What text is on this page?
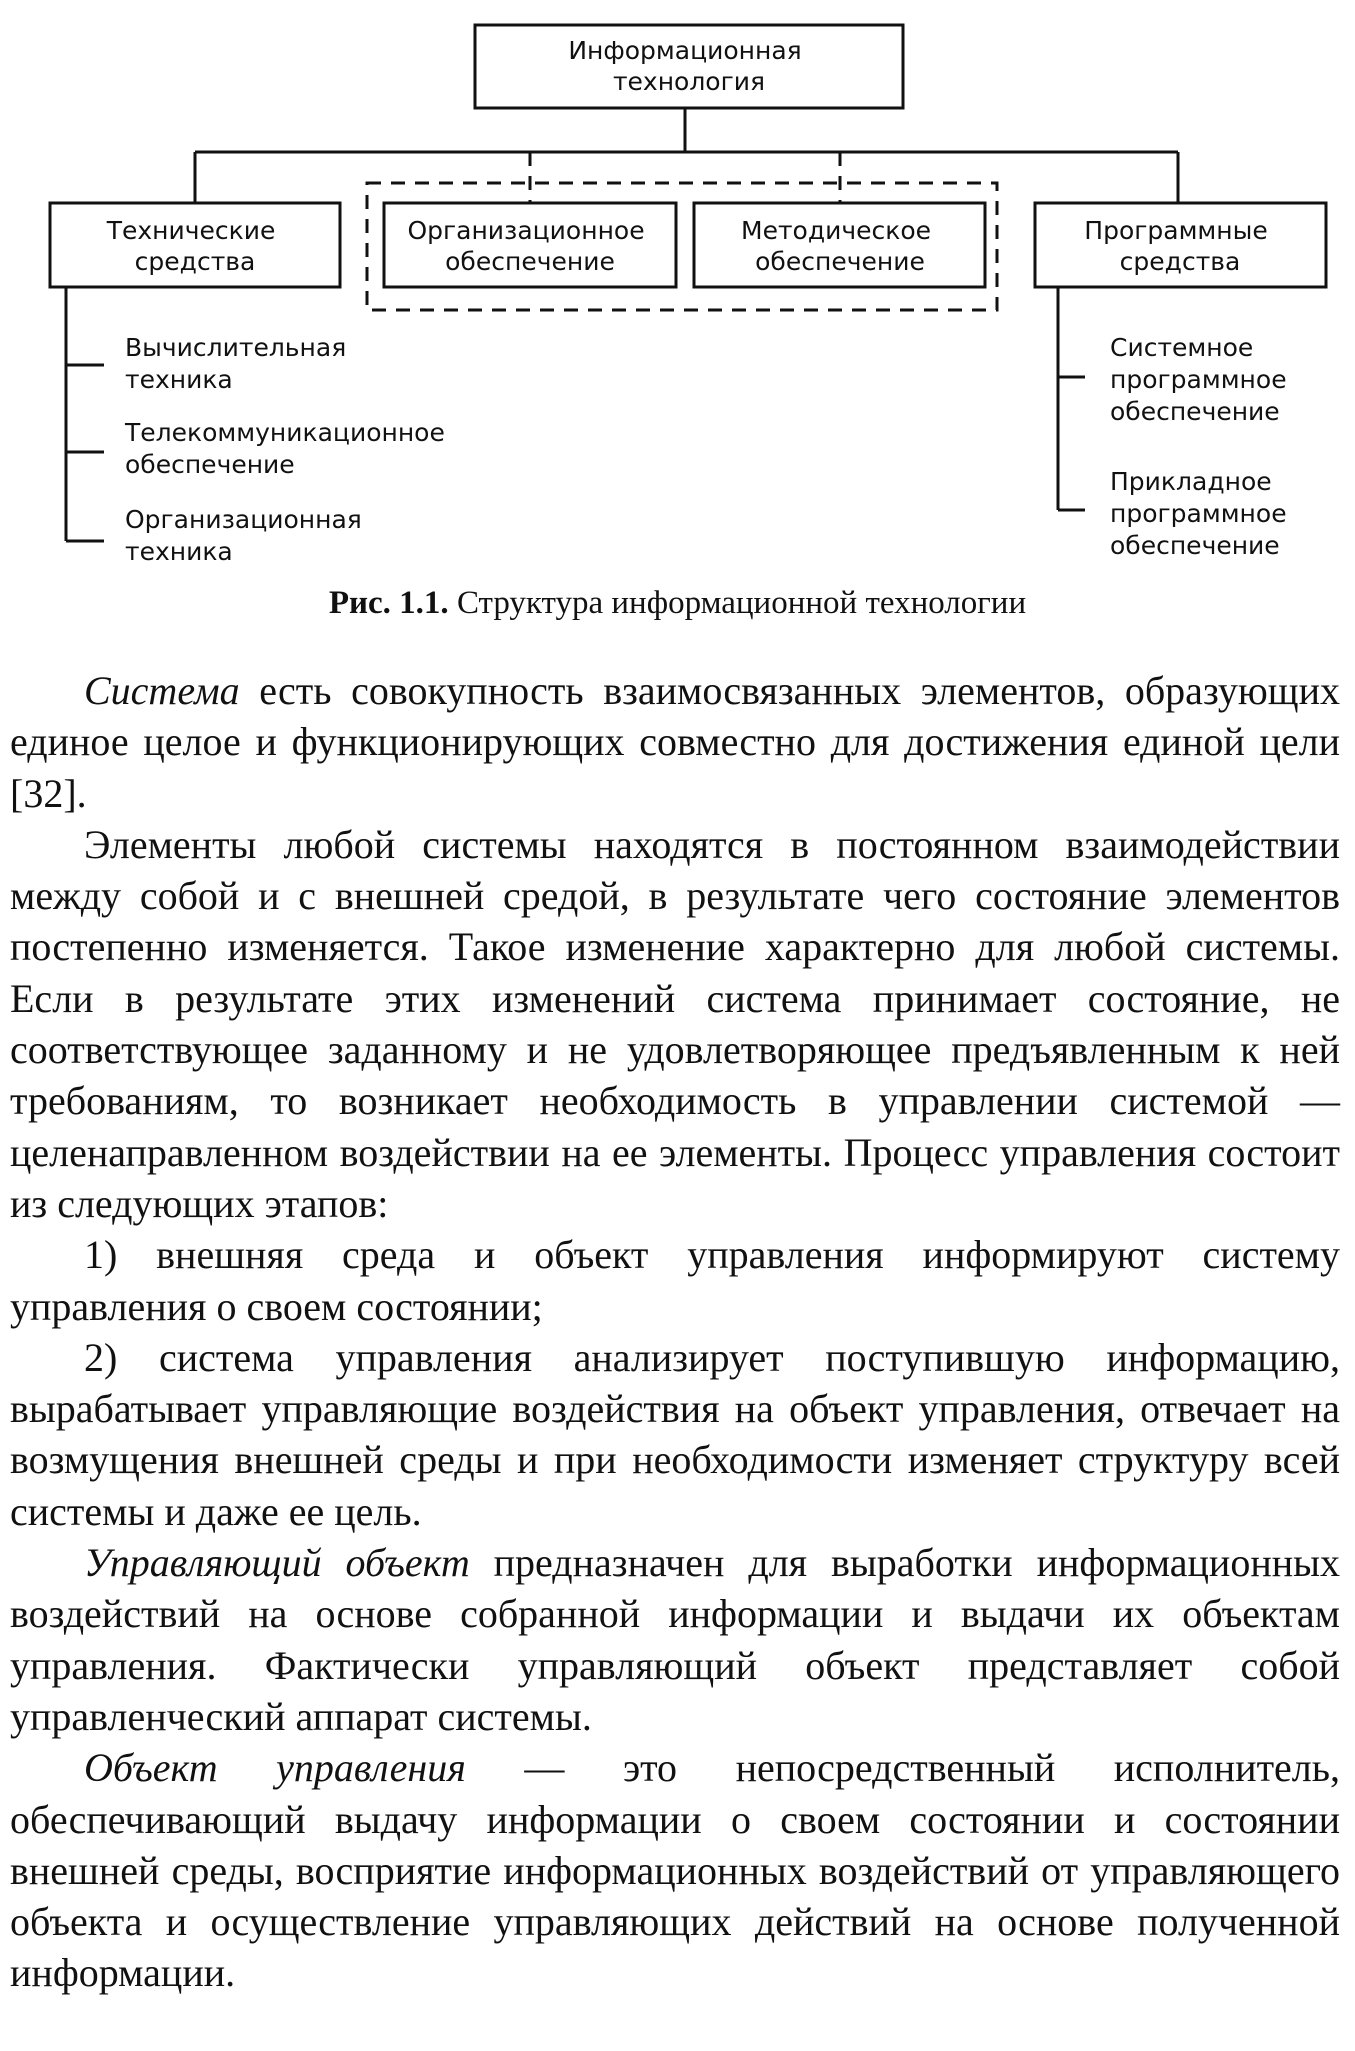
Информационная технология
Технические средства
Организационное обеспечение
Методическое обеспечение
Программные средства
Вычислительная техника
Телекоммуникационное обеспечение
Организационная техника
Системное программное обеспечение
Прикладное программное обеспечение

Рис. 1.1. Структура информационной технологии

Система есть совокупность взаимосвязанных элементов, образующих единое целое и функционирующих совместно для достижения единой цели [32].

Элементы любой системы находятся в постоянном взаимодействии между собой и с внешней средой, в результате чего состояние элементов постепенно изменяется. Такое изменение характерно для любой системы. Если в результате этих изменений система принимает состояние, не соответствующее заданному и не удовлетворяющее предъявленным к ней требованиям, то возникает необходимость в управлении системой — целенаправленном воздействии на ее элементы. Процесс управления состоит из следующих этапов:

1) внешняя среда и объект управления информируют систему управления о своем состоянии;

2) система управления анализирует поступившую информацию, вырабатывает управляющие воздействия на объект управления, отвечает на возмущения внешней среды и при необходимости изменяет структуру всей системы и даже ее цель.

Управляющий объект предназначен для выработки информационных воздействий на основе собранной информации и выдачи их объектам управления. Фактически управляющий объект представляет собой управленческий аппарат системы.

Объект управления — это непосредственный исполнитель, обеспечивающий выдачу информации о своем состоянии и состоянии внешней среды, восприятие информационных воздействий от управляющего объекта и осуществление управляющих действий на основе полученной информации.
